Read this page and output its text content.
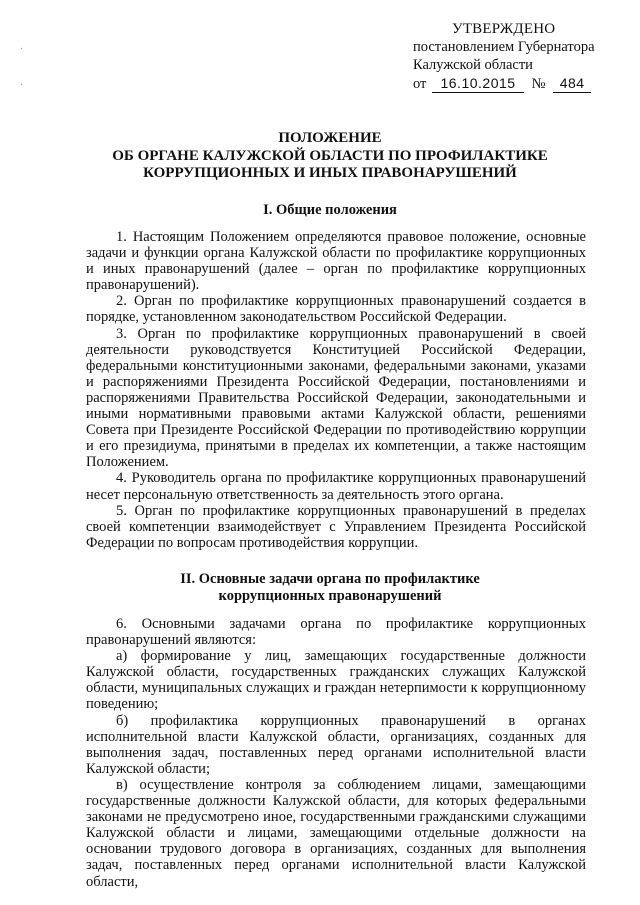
·
·
УТВЕРЖДЕНО
постановлением Губернатора
Калужской области
от 16.10.2015 № 484
ПОЛОЖЕНИЕ
ОБ ОРГАНЕ КАЛУЖСКОЙ ОБЛАСТИ ПО ПРОФИЛАКТИКЕ
КОРРУПЦИОННЫХ И ИНЫХ ПРАВОНАРУШЕНИЙ
I. Общие положения

1. Настоящим Положением определяются правовое положение, основные задачи и функции органа Калужской области по профилактике коррупционных и иных правонарушений (далее – орган по профилактике коррупционных правонарушений).

2. Орган по профилактике коррупционных правонарушений создается в порядке, установленном законодательством Российской Федерации.

3. Орган по профилактике коррупционных правонарушений в своей деятельности руководствуется Конституцией Российской Федерации, федеральными конституционными законами, федеральными законами, указами и распоряжениями Президента Российской Федерации, постановлениями и распоряжениями Правительства Российской Федерации, законодательными и иными нормативными правовыми актами Калужской области, решениями Совета при Президенте Российской Федерации по противодействию коррупции и его президиума, принятыми в пределах их компетенции, а также настоящим Положением.

4. Руководитель органа по профилактике коррупционных правонарушений несет персональную ответственность за деятельность этого органа.

5. Орган по профилактике коррупционных правонарушений в пределах своей компетенции взаимодействует с Управлением Президента Российской Федерации по вопросам противодействия коррупции.

II. Основные задачи органа по профилактике
коррупционных правонарушений

6. Основными задачами органа по профилактике коррупционных правонарушений являются:

а) формирование у лиц, замещающих государственные должности Калужской области, государственных гражданских служащих Калужской области, муниципальных служащих и граждан нетерпимости к коррупционному поведению;

б) профилактика коррупционных правонарушений в органах исполнительной власти Калужской области, организациях, созданных для выполнения задач, поставленных перед органами исполнительной власти Калужской области;

в) осуществление контроля за соблюдением лицами, замещающими государственные должности Калужской области, для которых федеральными законами не предусмотрено иное, государственными гражданскими служащими Калужской области и лицами, замещающими отдельные должности на основании трудового договора в организациях, созданных для выполнения задач, поставленных перед органами исполнительной власти Калужской области,
